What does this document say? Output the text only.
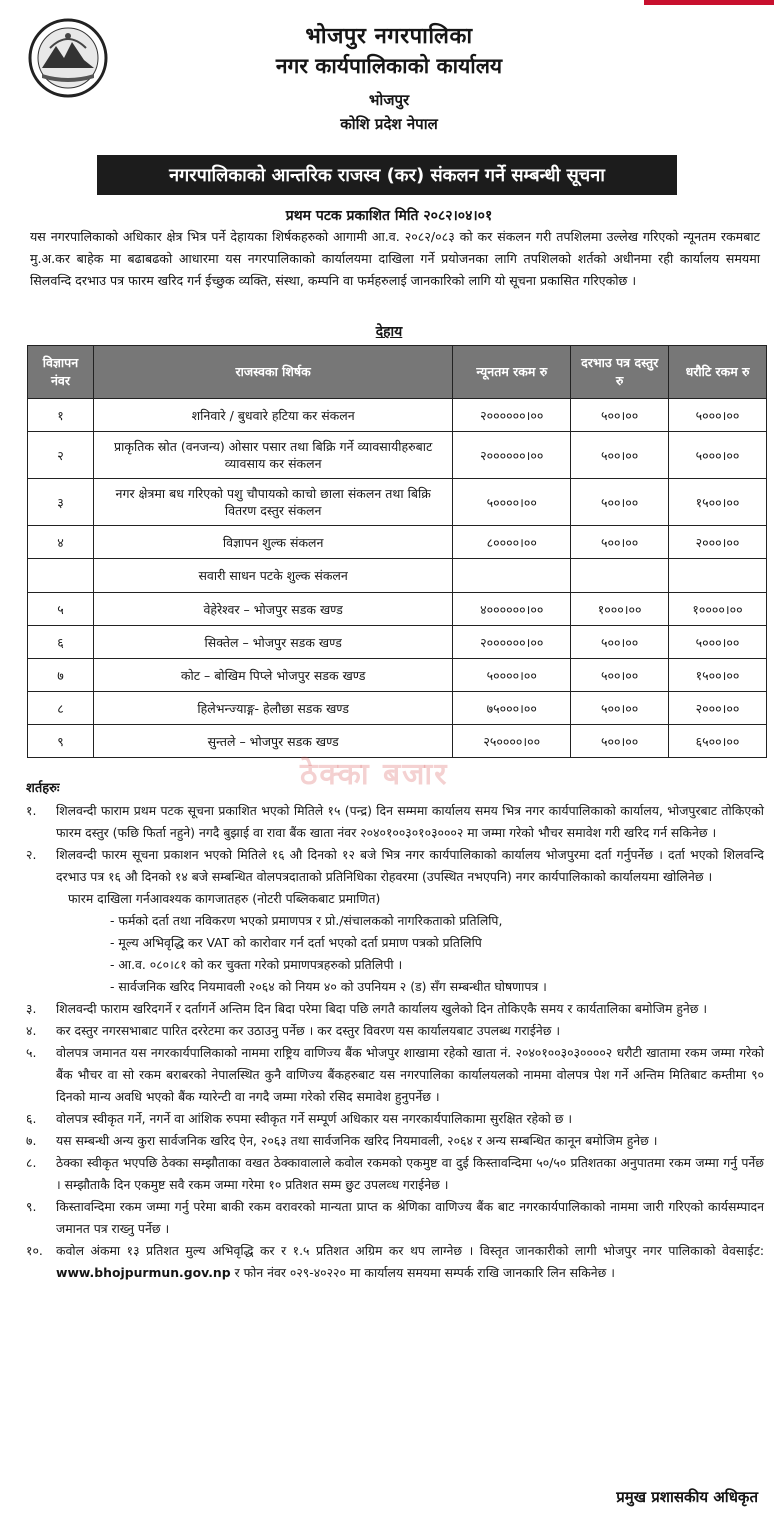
भोजपुर नगरपालिका
नगर कार्यपालिकाको कार्यालय
भोजपुर
कोशि प्रदेश नेपाल
नगरपालिकाको आन्तरिक राजस्व (कर) संकलन गर्ने सम्बन्धी सूचना
प्रथम पटक प्रकाशित मिति २०८२।०४।०१
यस नगरपालिकाको अधिकार क्षेत्र भित्र पर्ने देहायका शिर्षकहरुको आगामी आ.व. २०८२/०८३ को कर संकलन गरी तपशिलमा उल्लेख गरिएको न्यूनतम रकमबाट मु.अ.कर बाहेक मा बढाबढको आधारमा यस नगरपालिकाको कार्यालयमा दाखिला गर्ने प्रयोजनका लागि तपशिलको शर्तको अधीनमा रही कार्यालय समयमा सिलवन्दि दरभाउ पत्र फारम खरिद गर्न ईच्छुक व्यक्ति, संस्था, कम्पनि वा फर्महरुलाई जानकारिको लागि यो सूचना प्रकासित गरिएकोछ ।
देहाय
विज्ञापन नंवर	राजस्वका शिर्षक	न्यूनतम रकम रु	दरभाउ पत्र दस्तुर रु	धरौटि रकम रु
१	शनिवारे / बुधवारे हटिया कर संकलन	२००००००।००	५००।००	५०००।००
२	प्राकृतिक स्रोत (वनजन्य) ओसार पसार तथा बिक्रि गर्ने व्यावसायीहरुबाट व्यावसाय कर संकलन	२००००००।००	५००।००	५०००।००
३	नगर क्षेत्रमा बध गरिएको पशु चौपायको काचो छाला संकलन तथा बिक्रि वितरण दस्तुर संकलन	५००००।००	५००।००	१५००।००
४	विज्ञापन शुल्क संकलन	८००००।००	५००।००	२०००।००
	सवारी साधन पटके शुल्क संकलन			
५	वेहेरेश्वर – भोजपुर सडक खण्ड	४००००००।००	१०००।००	१००००।००
६	सिक्तेल – भोजपुर सडक खण्ड	२००००००।००	५००।००	५०००।००
७	कोट – बोखिम पिप्ले भोजपुर सडक खण्ड	५००००।००	५००।००	१५००।००
८	हिलेभन्ज्याङ्ग- हेलौछा सडक खण्ड	७५०००।००	५००।००	२०००।००
९	सुन्तले – भोजपुर सडक खण्ड	२५००००।००	५००।००	६५००।००
ठेक्का बजार
शर्तहरुः
१.	शिलवन्दी फाराम प्रथम पटक सूचना प्रकाशित भएको मितिले १५ (पन्द्र) दिन सम्ममा कार्यालय समय भित्र नगर कार्यपालिकाको कार्यालय, भोजपुरबाट तोकिएको फारम दस्तुर (फछि फिर्ता नहुने) नगदै बुझाई वा रावा बैंक खाता नंवर २०४०१००३०१०३०००२ मा जम्मा गरेको भौचर समावेश गरी खरिद गर्न सकिनेछ ।
२.	शिलवन्दी फारम सूचना प्रकाशन भएको मितिले १६ औ दिनको १२ बजे भित्र नगर कार्यपालिकाको कार्यालय भोजपुरमा दर्ता गर्नुपर्नेछ । दर्ता भएको शिलवन्दि दरभाउ पत्र १६ औ दिनको १४ बजे सम्बन्धित वोलपत्रदाताको प्रतिनिधिका रोहवरमा (उपस्थित नभएपनि) नगर कार्यपालिकाको कार्यालयमा खोलिनेछ ।
फारम दाखिला गर्नआवश्यक कागजातहरु (नोटरी पब्लिकबाट प्रमाणित)
- फर्मको दर्ता तथा नविकरण भएको प्रमाणपत्र र प्रो./संचालकको नागरिकताको प्रतिलिपि,
- मूल्य अभिवृद्धि कर VAT को कारोवार गर्न दर्ता भएको दर्ता प्रमाण पत्रको प्रतिलिपि
- आ.व. ०८०।८१ को कर चुक्ता गरेको प्रमाणपत्रहरुको प्रतिलिपी ।
- सार्वजनिक खरिद नियमावली २०६४ को नियम ४० को उपनियम २ (ड) सँग सम्बन्धीत घोषणापत्र ।
३.	शिलवन्दी फाराम खरिदगर्ने र दर्तागर्ने अन्तिम दिन बिदा परेमा बिदा पछि लगतै कार्यालय खुलेको दिन तोकिएकै समय र कार्यतालिका बमोजिम हुनेछ ।
४.	कर दस्तुर नगरसभाबाट पारित दररेटमा कर उठाउनु पर्नेछ । कर दस्तुर विवरण यस कार्यालयबाट उपलब्ध गराईनेछ ।
५.	वोलपत्र जमानत यस नगरकार्यपालिकाको नाममा राष्ट्रिय वाणिज्य बैंक भोजपुर शाखामा रहेको खाता नं. २०४०१००३०३००००२ धरौटी खातामा रकम जम्मा गरेको बैंक भौचर वा सो रकम बराबरको नेपालस्थित कुनै वाणिज्य बैंकहरुबाट यस नगरपालिका कार्यालयलको नाममा वोलपत्र पेश गर्ने अन्तिम मितिबाट कम्तीमा ९० दिनको मान्य अवधि भएको बैंक ग्यारेन्टी वा नगदै जम्मा गरेको रसिद समावेश हुनुपर्नेछ ।
६.	वोलपत्र स्वीकृत गर्ने, नगर्ने वा आंशिक रुपमा स्वीकृत गर्ने सम्पूर्ण अधिकार यस नगरकार्यपालिकामा सुरक्षित रहेको छ ।
७.	यस सम्बन्धी अन्य कुरा सार्वजनिक खरिद ऐन, २०६३ तथा सार्वजनिक खरिद नियमावली, २०६४ र अन्य सम्बन्धित कानून बमोजिम हुनेछ ।
८.	ठेक्का स्वीकृत भएपछि ठेक्का सम्झौताका वखत ठेक्कावालाले कवोल रकमको एकमुष्ट वा दुई किस्तावन्दिमा ५०/५० प्रतिशतका अनुपातमा रकम जम्मा गर्नु पर्नेछ । सम्झौताकै दिन एकमुष्ट सवै रकम जम्मा गरेमा १० प्रतिशत सम्म छुट उपलव्ध गराईनेछ ।
९.	किस्तावन्दिमा रकम जम्मा गर्नु परेमा बाकी रकम वरावरको मान्यता प्राप्त क श्रेणिका वाणिज्य बैंक बाट नगरकार्यपालिकाको नाममा जारी गरिएको कार्यसम्पादन जमानत पत्र राख्नु पर्नेछ ।
१०.	कवोल अंकमा १३ प्रतिशत मुल्य अभिवृद्धि कर र १.५ प्रतिशत अग्रिम कर थप लाग्नेछ । विस्तृत जानकारीको लागी भोजपुर नगर पालिकाको वेवसाईट: www.bhojpurmun.gov.np र फोन नंवर ०२९-४०२२० मा कार्यालय समयमा सम्पर्क राखि जानकारि लिन सकिनेछ ।
प्रमुख प्रशासकीय अधिकृत
